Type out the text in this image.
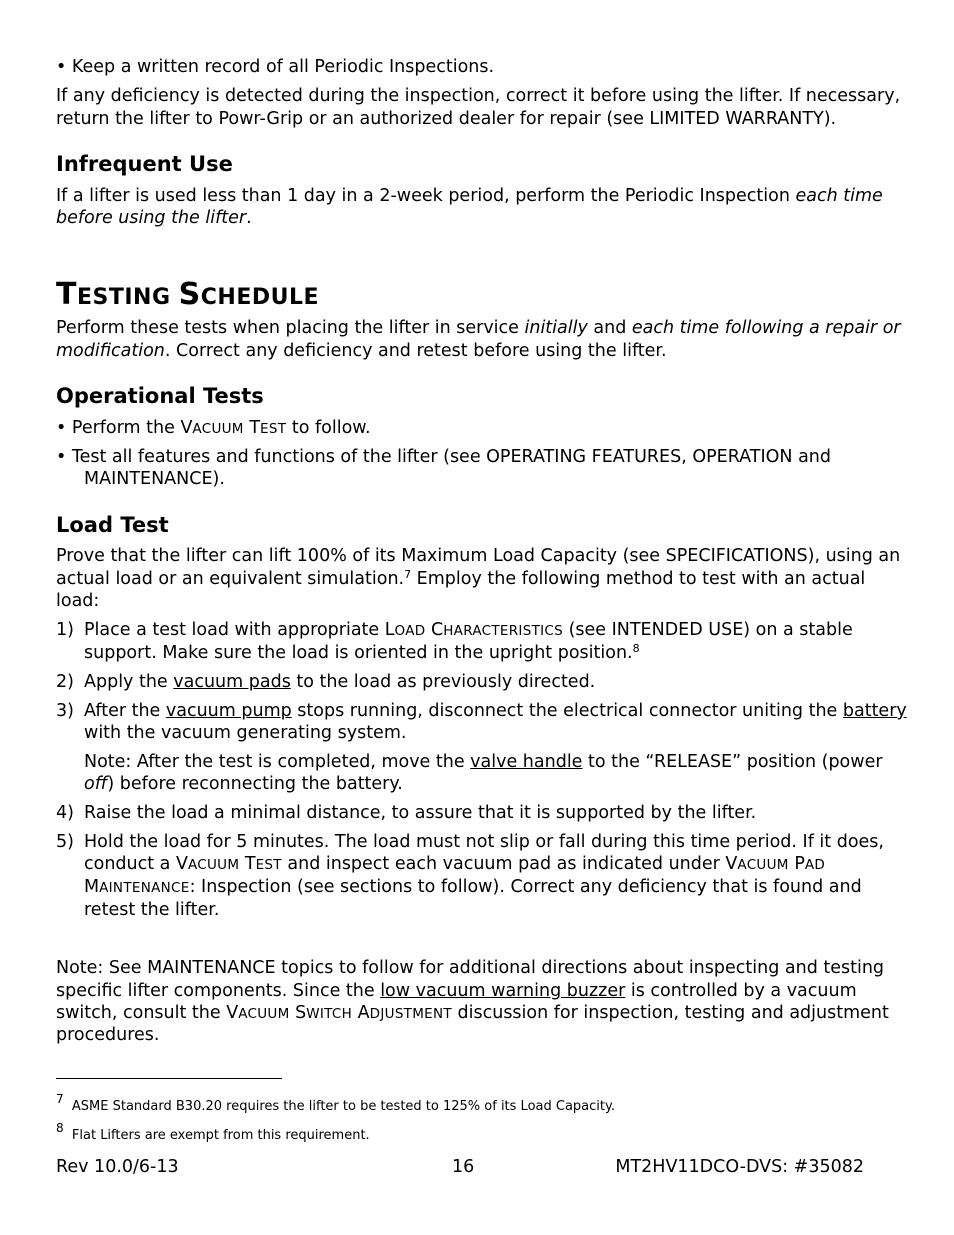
• Keep a written record of all Periodic Inspections.
If any deficiency is detected during the inspection, correct it before using the lifter. If necessary,
return the lifter to Powr-Grip or an authorized dealer for repair (see LIMITED WARRANTY).
Infrequent Use
If a lifter is used less than 1 day in a 2-week period, perform the Periodic Inspection each time
before using the lifter.
TESTING SCHEDULE
Perform these tests when placing the lifter in service initially and each time following a repair or
modification. Correct any deficiency and retest before using the lifter.
Operational Tests
• Perform the VACUUM TEST to follow.
• Test all features and functions of the lifter (see OPERATING FEATURES, OPERATION and
MAINTENANCE).
Load Test
Prove that the lifter can lift 100% of its Maximum Load Capacity (see SPECIFICATIONS), using an
actual load or an equivalent simulation.$^7$ Employ the following method to test with an actual
load:
1) Place a test load with appropriate LOAD CHARACTERISTICS (see INTENDED USE) on a stable
support. Make sure the load is oriented in the upright position.$^8$
2) Apply the vacuum pads to the load as previously directed.
3) After the vacuum pump stops running, disconnect the electrical connector uniting the battery
with the vacuum generating system.
Note: After the test is completed, move the valve handle to the “RELEASE” position (power
off) before reconnecting the battery.
4) Raise the load a minimal distance, to assure that it is supported by the lifter.
5) Hold the load for 5 minutes. The load must not slip or fall during this time period. If it does,
conduct a VACUUM TEST and inspect each vacuum pad as indicated under VACUUM PAD
MAINTENANCE: Inspection (see sections to follow). Correct any deficiency that is found and
retest the lifter.
Note: See MAINTENANCE topics to follow for additional directions about inspecting and testing
specific lifter components. Since the low vacuum warning buzzer is controlled by a vacuum
switch, consult the VACUUM SWITCH ADJUSTMENT discussion for inspection, testing and adjustment
procedures.
$^7$ ASME Standard B30.20 requires the lifter to be tested to 125% of its Load Capacity.
$^8$ Flat Lifters are exempt from this requirement.
Rev 10.0/6-13	16	MT2HV11DCO-DVS: #35082
